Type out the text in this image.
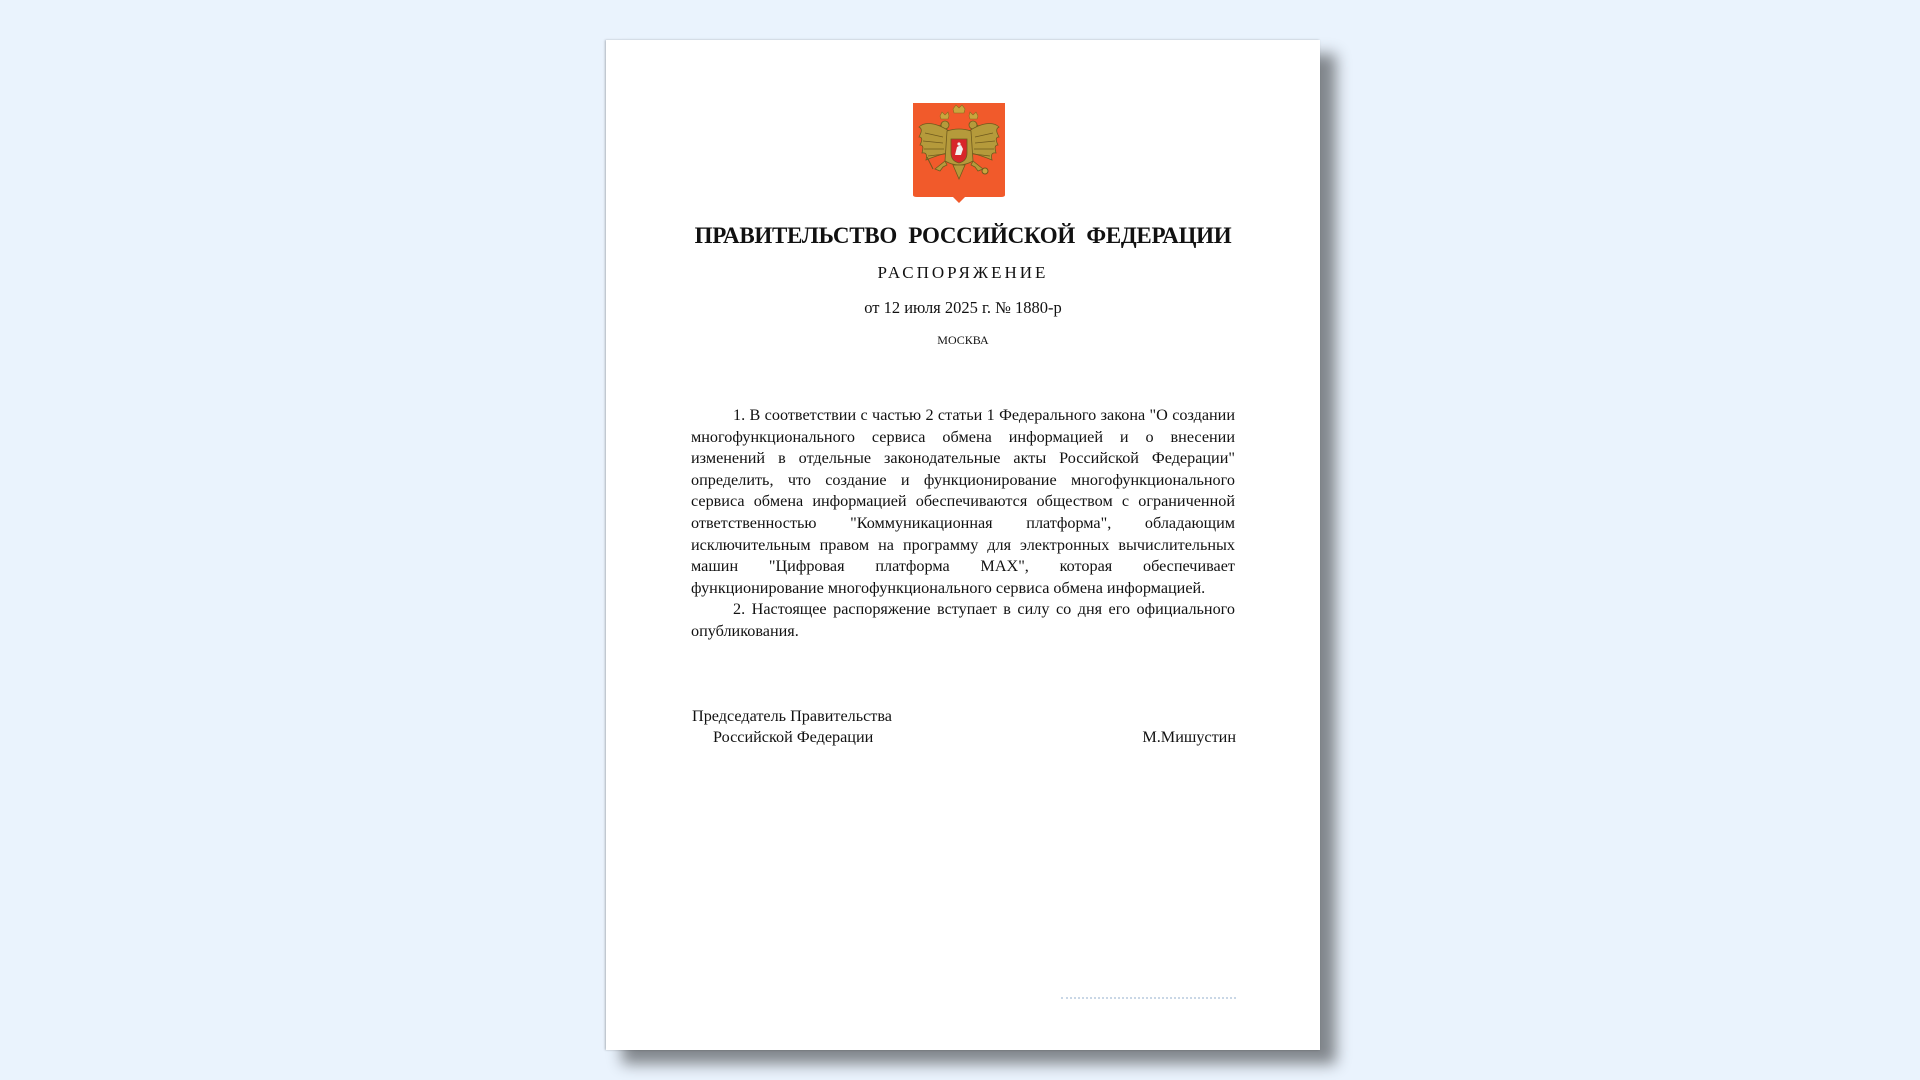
ПРАВИТЕЛЬСТВО РОССИЙСКОЙ ФЕДЕРАЦИИ
РАСПОРЯЖЕНИЕ
от 12 июля 2025 г. № 1880-р
МОСКВА

1. В соответствии с частью 2 статьи 1 Федерального закона "О создании многофункционального сервиса обмена информацией и о внесении изменений в отдельные законодательные акты Российской Федерации" определить, что создание и функционирование многофункционального сервиса обмена информацией обеспечиваются обществом с ограниченной ответственностью "Коммуникационная платформа", обладающим исключительным правом на программу для электронных вычислительных машин "Цифровая платформа MAX", которая обеспечивает функционирование многофункционального сервиса обмена информацией.

2. Настоящее распоряжение вступает в силу со дня его официального опубликования.

Председатель Правительства
Российской Федерации	М.Мишустин
